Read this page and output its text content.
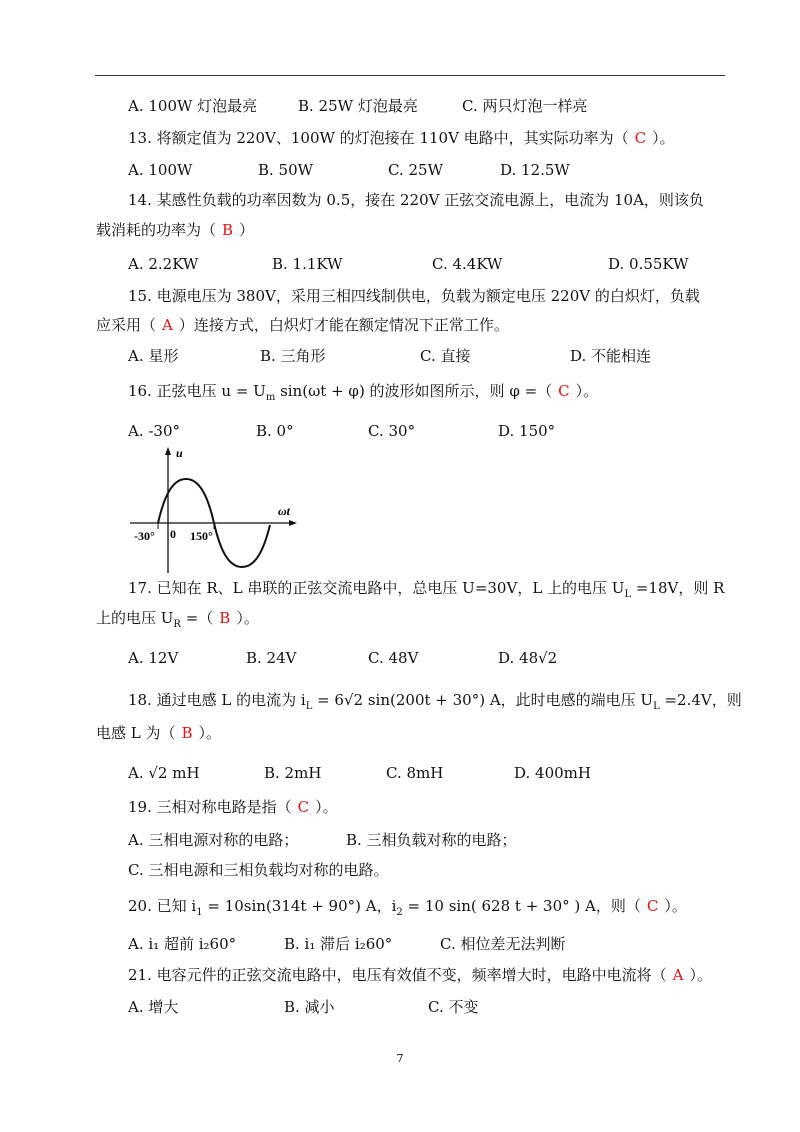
A. 100W 灯泡最亮	B. 25W 灯泡最亮	C. 两只灯泡一样亮
13. 将额定值为 220V、100W 的灯泡接在 110V 电路中，其实际功率为（ C ）。
A. 100W	B. 50W	C. 25W	D. 12.5W
14. 某感性负载的功率因数为 0.5，接在 220V 正弦交流电源上，电流为 10A，则该负
载消耗的功率为（ B ）
A. 2.2KW	B. 1.1KW	C. 4.4KW	D. 0.55KW
15. 电源电压为 380V，采用三相四线制供电，负载为额定电压 220V 的白炽灯，负载
应采用（ A ）连接方式，白炽灯才能在额定情况下正常工作。
A. 星形	B. 三角形	C. 直接	D. 不能相连
16. 正弦电压 $u = U_m$ sin(ωt + φ) 的波形如图所示，则 φ =（ C ）。
A. -30°	B. 0°	C. 30°	D. 150°
u
ωt
-30° 0 150°
17. 已知在 R、L 串联的正弦交流电路中，总电压 U=30V，L 上的电压 $U_L =18V$，则 R
上的电压 $U_R$ =（ B ）。
A. 12V	B. 24V	C. 48V	D. 48√2
18. 通过电感 L 的电流为 $i_L = 6√2$ sin(200t + 30°) A，此时电感的端电压 $U_L =2.4V$，则
电感 L 为（ B ）。
A. √2 mH	B. 2mH	C. 8mH	D. 400mH
19. 三相对称电路是指（ C ）。
A. 三相电源对称的电路；	B. 三相负载对称的电路；
C. 三相电源和三相负载均对称的电路。
20. 已知 $i_1 = 10\sin(314t + 90^\circ)$ A，$i_2 = 10$ sin( 628 t + 30° ) A，则（ C ）。
A. i₁ 超前 i₂60°	B. i₁ 滞后 i₂60°	C. 相位差无法判断
21. 电容元件的正弦交流电路中，电压有效值不变，频率增大时，电路中电流将（ A ）。
A. 增大	B. 减小	C. 不变
7
